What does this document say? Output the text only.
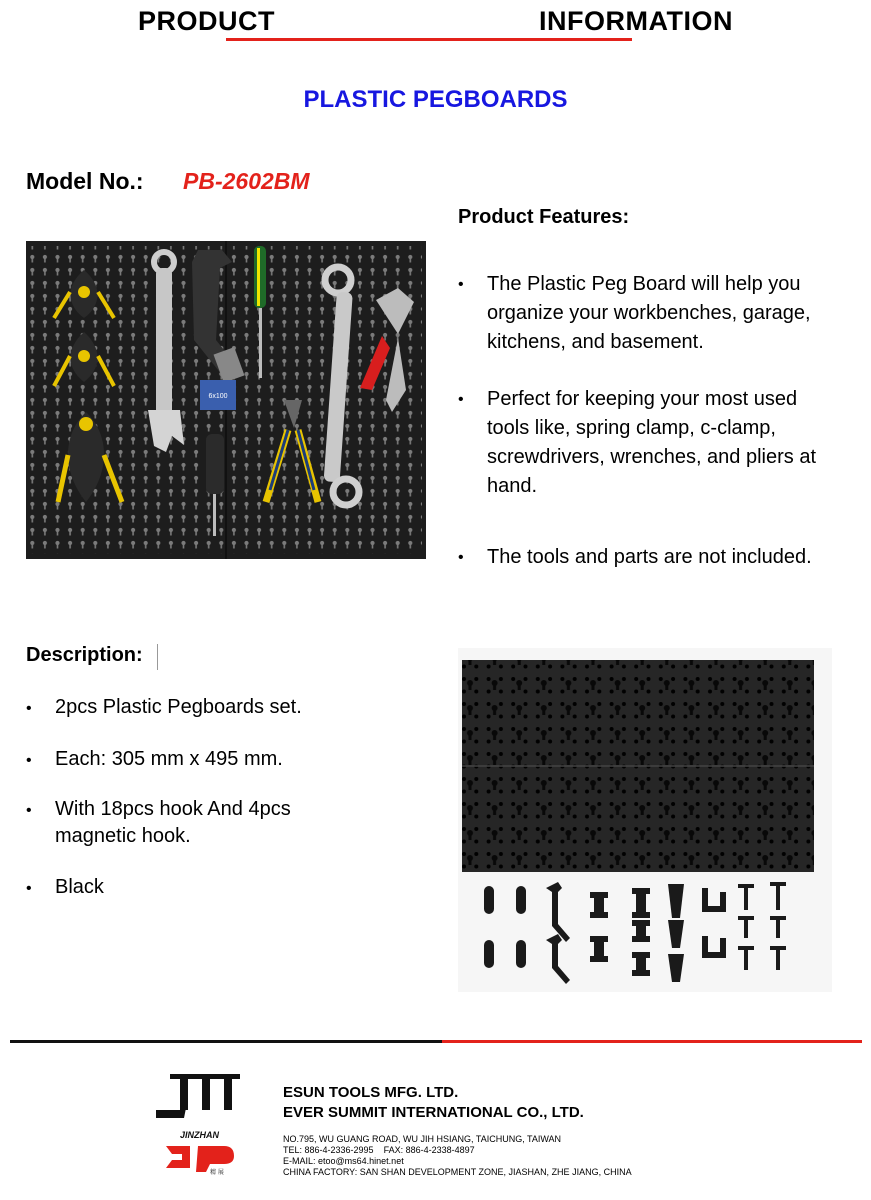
PRODUCT      INFORMATION
PLASTIC PEGBOARDS
Model No.: PB-2602BM
6x100
Product Features:
•	The Plastic Peg Board will help you organize your workbenches, garage, kitchens, and basement.
•	Perfect for keeping your most used tools like, spring clamp, c-clamp, screwdrivers, wrenches, and pliers at hand.
•	The tools and parts are not included.
Description:
•	2pcs Plastic Pegboards set.
•	Each: 305 mm x 495 mm.
•	With 18pcs hook And 4pcs magnetic hook.
•	Black
JINZHAN
精 展
ESUN TOOLS MFG. LTD.
EVER SUMMIT INTERNATIONAL CO., LTD.
NO.795, WU GUANG ROAD, WU JIH HSIANG, TAICHUNG, TAIWAN
TEL: 886-4-2336-2995    FAX: 886-4-2338-4897
E-MAIL: etoo@ms64.hinet.net
CHINA FACTORY: SAN SHAN DEVELOPMENT ZONE, JIASHAN, ZHE JIANG, CHINA
